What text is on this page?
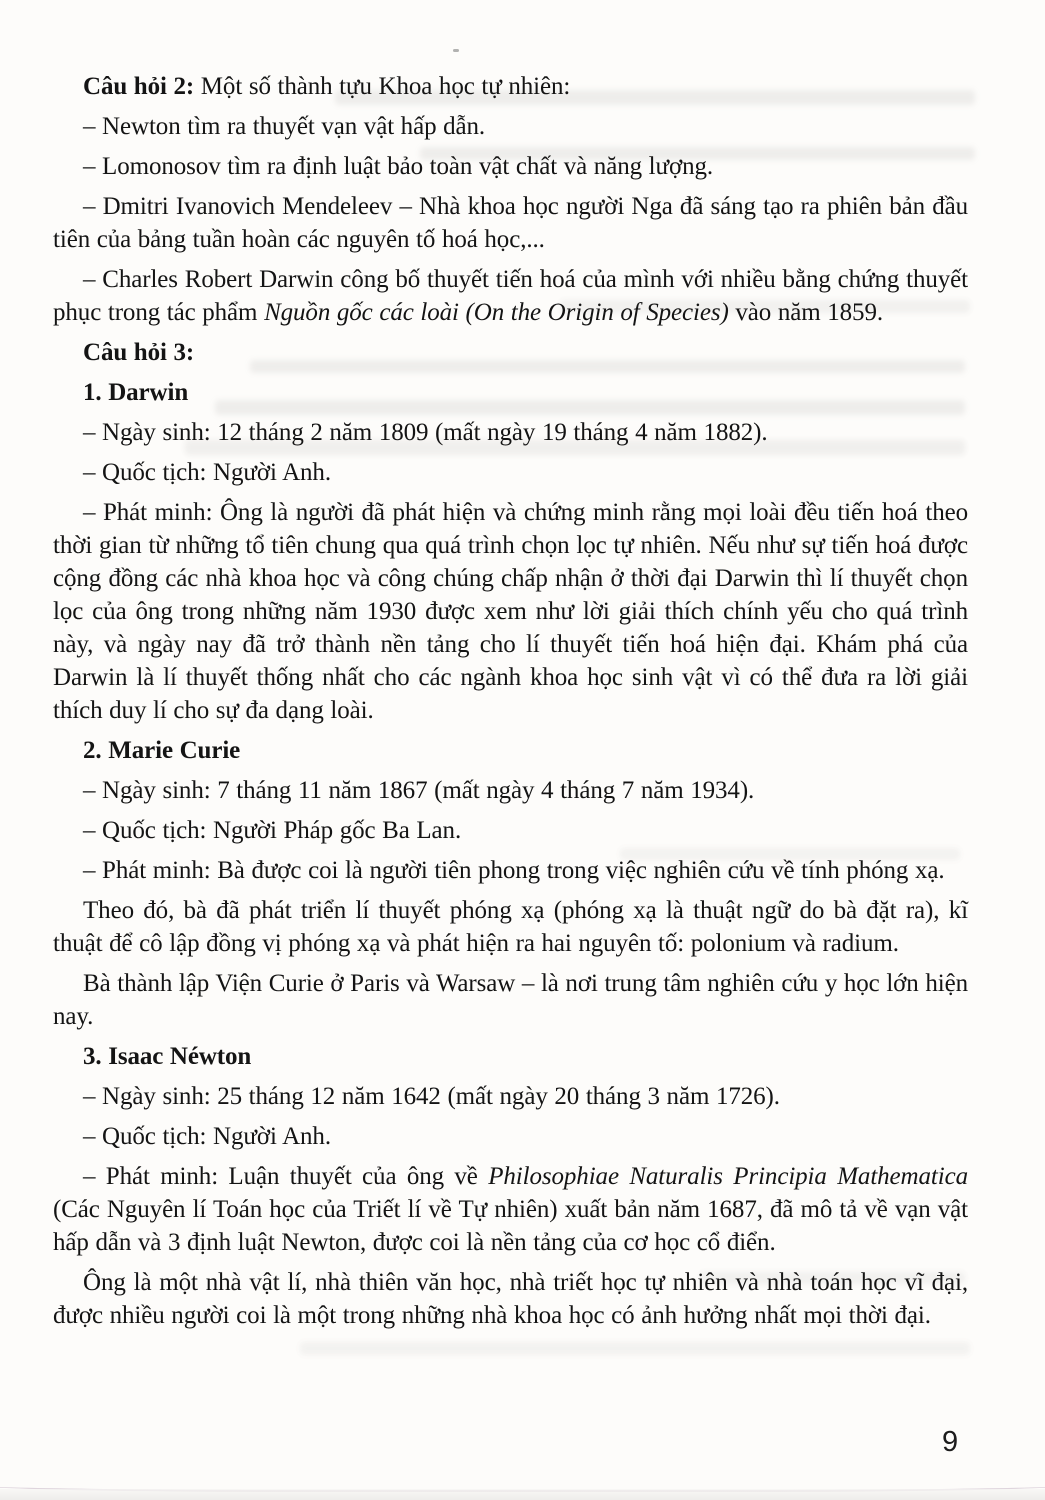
Câu hỏi 2: Một số thành tựu Khoa học tự nhiên:

– Newton tìm ra thuyết vạn vật hấp dẫn.

– Lomonosov tìm ra định luật bảo toàn vật chất và năng lượng.

– Dmitri Ivanovich Mendeleev – Nhà khoa học người Nga đã sáng tạo ra phiên bản đầu tiên của bảng tuần hoàn các nguyên tố hoá học,...

– Charles Robert Darwin công bố thuyết tiến hoá của mình với nhiều bằng chứng thuyết phục trong tác phẩm Nguồn gốc các loài (On the Origin of Species) vào năm 1859.

Câu hỏi 3:

1. Darwin

– Ngày sinh: 12 tháng 2 năm 1809 (mất ngày 19 tháng 4 năm 1882).

– Quốc tịch: Người Anh.

– Phát minh: Ông là người đã phát hiện và chứng minh rằng mọi loài đều tiến hoá theo thời gian từ những tổ tiên chung qua quá trình chọn lọc tự nhiên. Nếu như sự tiến hoá được cộng đồng các nhà khoa học và công chúng chấp nhận ở thời đại Darwin thì lí thuyết chọn lọc của ông trong những năm 1930 được xem như lời giải thích chính yếu cho quá trình này, và ngày nay đã trở thành nền tảng cho lí thuyết tiến hoá hiện đại. Khám phá của Darwin là lí thuyết thống nhất cho các ngành khoa học sinh vật vì có thể đưa ra lời giải thích duy lí cho sự đa dạng loài.

2. Marie Curie

– Ngày sinh: 7 tháng 11 năm 1867 (mất ngày 4 tháng 7 năm 1934).

– Quốc tịch: Người Pháp gốc Ba Lan.

– Phát minh: Bà được coi là người tiên phong trong việc nghiên cứu về tính phóng xạ.

Theo đó, bà đã phát triển lí thuyết phóng xạ (phóng xạ là thuật ngữ do bà đặt ra), kĩ thuật để cô lập đồng vị phóng xạ và phát hiện ra hai nguyên tố: polonium và radium.

Bà thành lập Viện Curie ở Paris và Warsaw – là nơi trung tâm nghiên cứu y học lớn hiện nay.

3. Isaac Néwton

– Ngày sinh: 25 tháng 12 năm 1642 (mất ngày 20 tháng 3 năm 1726).

– Quốc tịch: Người Anh.

– Phát minh: Luận thuyết của ông về Philosophiae Naturalis Principia Mathematica (Các Nguyên lí Toán học của Triết lí về Tự nhiên) xuất bản năm 1687, đã mô tả về vạn vật hấp dẫn và 3 định luật Newton, được coi là nền tảng của cơ học cổ điển.

Ông là một nhà vật lí, nhà thiên văn học, nhà triết học tự nhiên và nhà toán học vĩ đại, được nhiều người coi là một trong những nhà khoa học có ảnh hưởng nhất mọi thời đại.

9
